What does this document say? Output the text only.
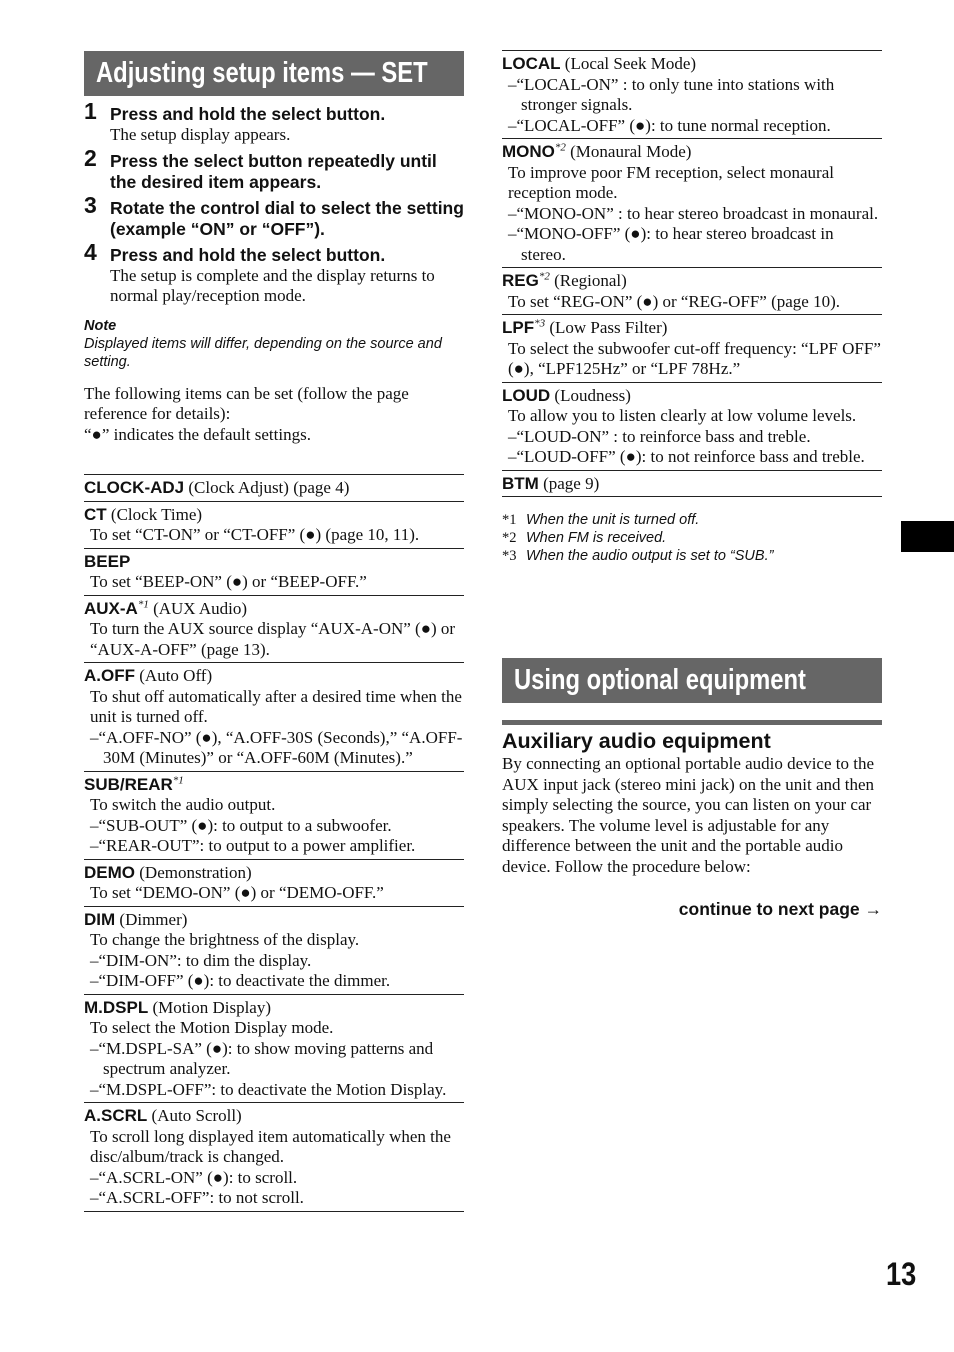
Adjusting setup items — SET
1 Press and hold the select button.
The setup display appears.
2 Press the select button repeatedly until the desired item appears.
3 Rotate the control dial to select the setting (example “ON” or “OFF”).
4 Press and hold the select button.
The setup is complete and the display returns to normal play/reception mode.
Note
Displayed items will differ, depending on the source and setting.
The following items can be set (follow the page reference for details):
“●” indicates the default settings.
CLOCK-ADJ (Clock Adjust) (page 4)
CT (Clock Time)
To set “CT-ON” or “CT-OFF” (●) (page 10, 11).
BEEP
To set “BEEP-ON” (●) or “BEEP-OFF.”
AUX-$A^{*1}$ (AUX Audio)
To turn the AUX source display “AUX-A-ON” (●) or “AUX-A-OFF” (page 13).
A.OFF (Auto Off)
To shut off automatically after a desired time when the unit is turned off.
–“A.OFF-NO” (●), “A.OFF-30S (Seconds),” “A.OFF-30M (Minutes)” or “A.OFF-60M (Minutes).”
SUB/REAR$^{*1}$
To switch the audio output.
–“SUB-OUT” (●): to output to a subwoofer.
–“REAR-OUT”: to output to a power amplifier.
DEMO (Demonstration)
To set “DEMO-ON” (●) or “DEMO-OFF.”
DIM (Dimmer)
To change the brightness of the display.
–“DIM-ON”: to dim the display.
–“DIM-OFF” (●): to deactivate the dimmer.
M.DSPL (Motion Display)
To select the Motion Display mode.
–“M.DSPL-SA” (●): to show moving patterns and spectrum analyzer.
–“M.DSPL-OFF”: to deactivate the Motion Display.
A.SCRL (Auto Scroll)
To scroll long displayed item automatically when the disc/album/track is changed.
–“A.SCRL-ON” (●): to scroll.
–“A.SCRL-OFF”: to not scroll.
LOCAL (Local Seek Mode)
–“LOCAL-ON” : to only tune into stations with stronger signals.
–“LOCAL-OFF” (●): to tune normal reception.
MONO$^{*2}$ (Monaural Mode)
To improve poor FM reception, select monaural reception mode.
–“MONO-ON” : to hear stereo broadcast in monaural.
–“MONO-OFF” (●): to hear stereo broadcast in stereo.
REG$^{*2}$ (Regional)
To set “REG-ON” (●) or “REG-OFF” (page 10).
LPF$^{*3}$ (Low Pass Filter)
To select the subwoofer cut-off frequency: “LPF OFF” (●), “LPF125Hz” or “LPF 78Hz.”
LOUD (Loudness)
To allow you to listen clearly at low volume levels.
–“LOUD-ON” : to reinforce bass and treble.
–“LOUD-OFF” (●): to not reinforce bass and treble.
BTM (page 9)
*1 When the unit is turned off.
*2 When FM is received.
*3 When the audio output is set to “SUB.”
Using optional equipment
Auxiliary audio equipment
By connecting an optional portable audio device to the AUX input jack (stereo mini jack) on the unit and then simply selecting the source, you can listen on your car speakers. The volume level is adjustable for any difference between the unit and the portable audio device. Follow the procedure below:
continue to next page →
13
